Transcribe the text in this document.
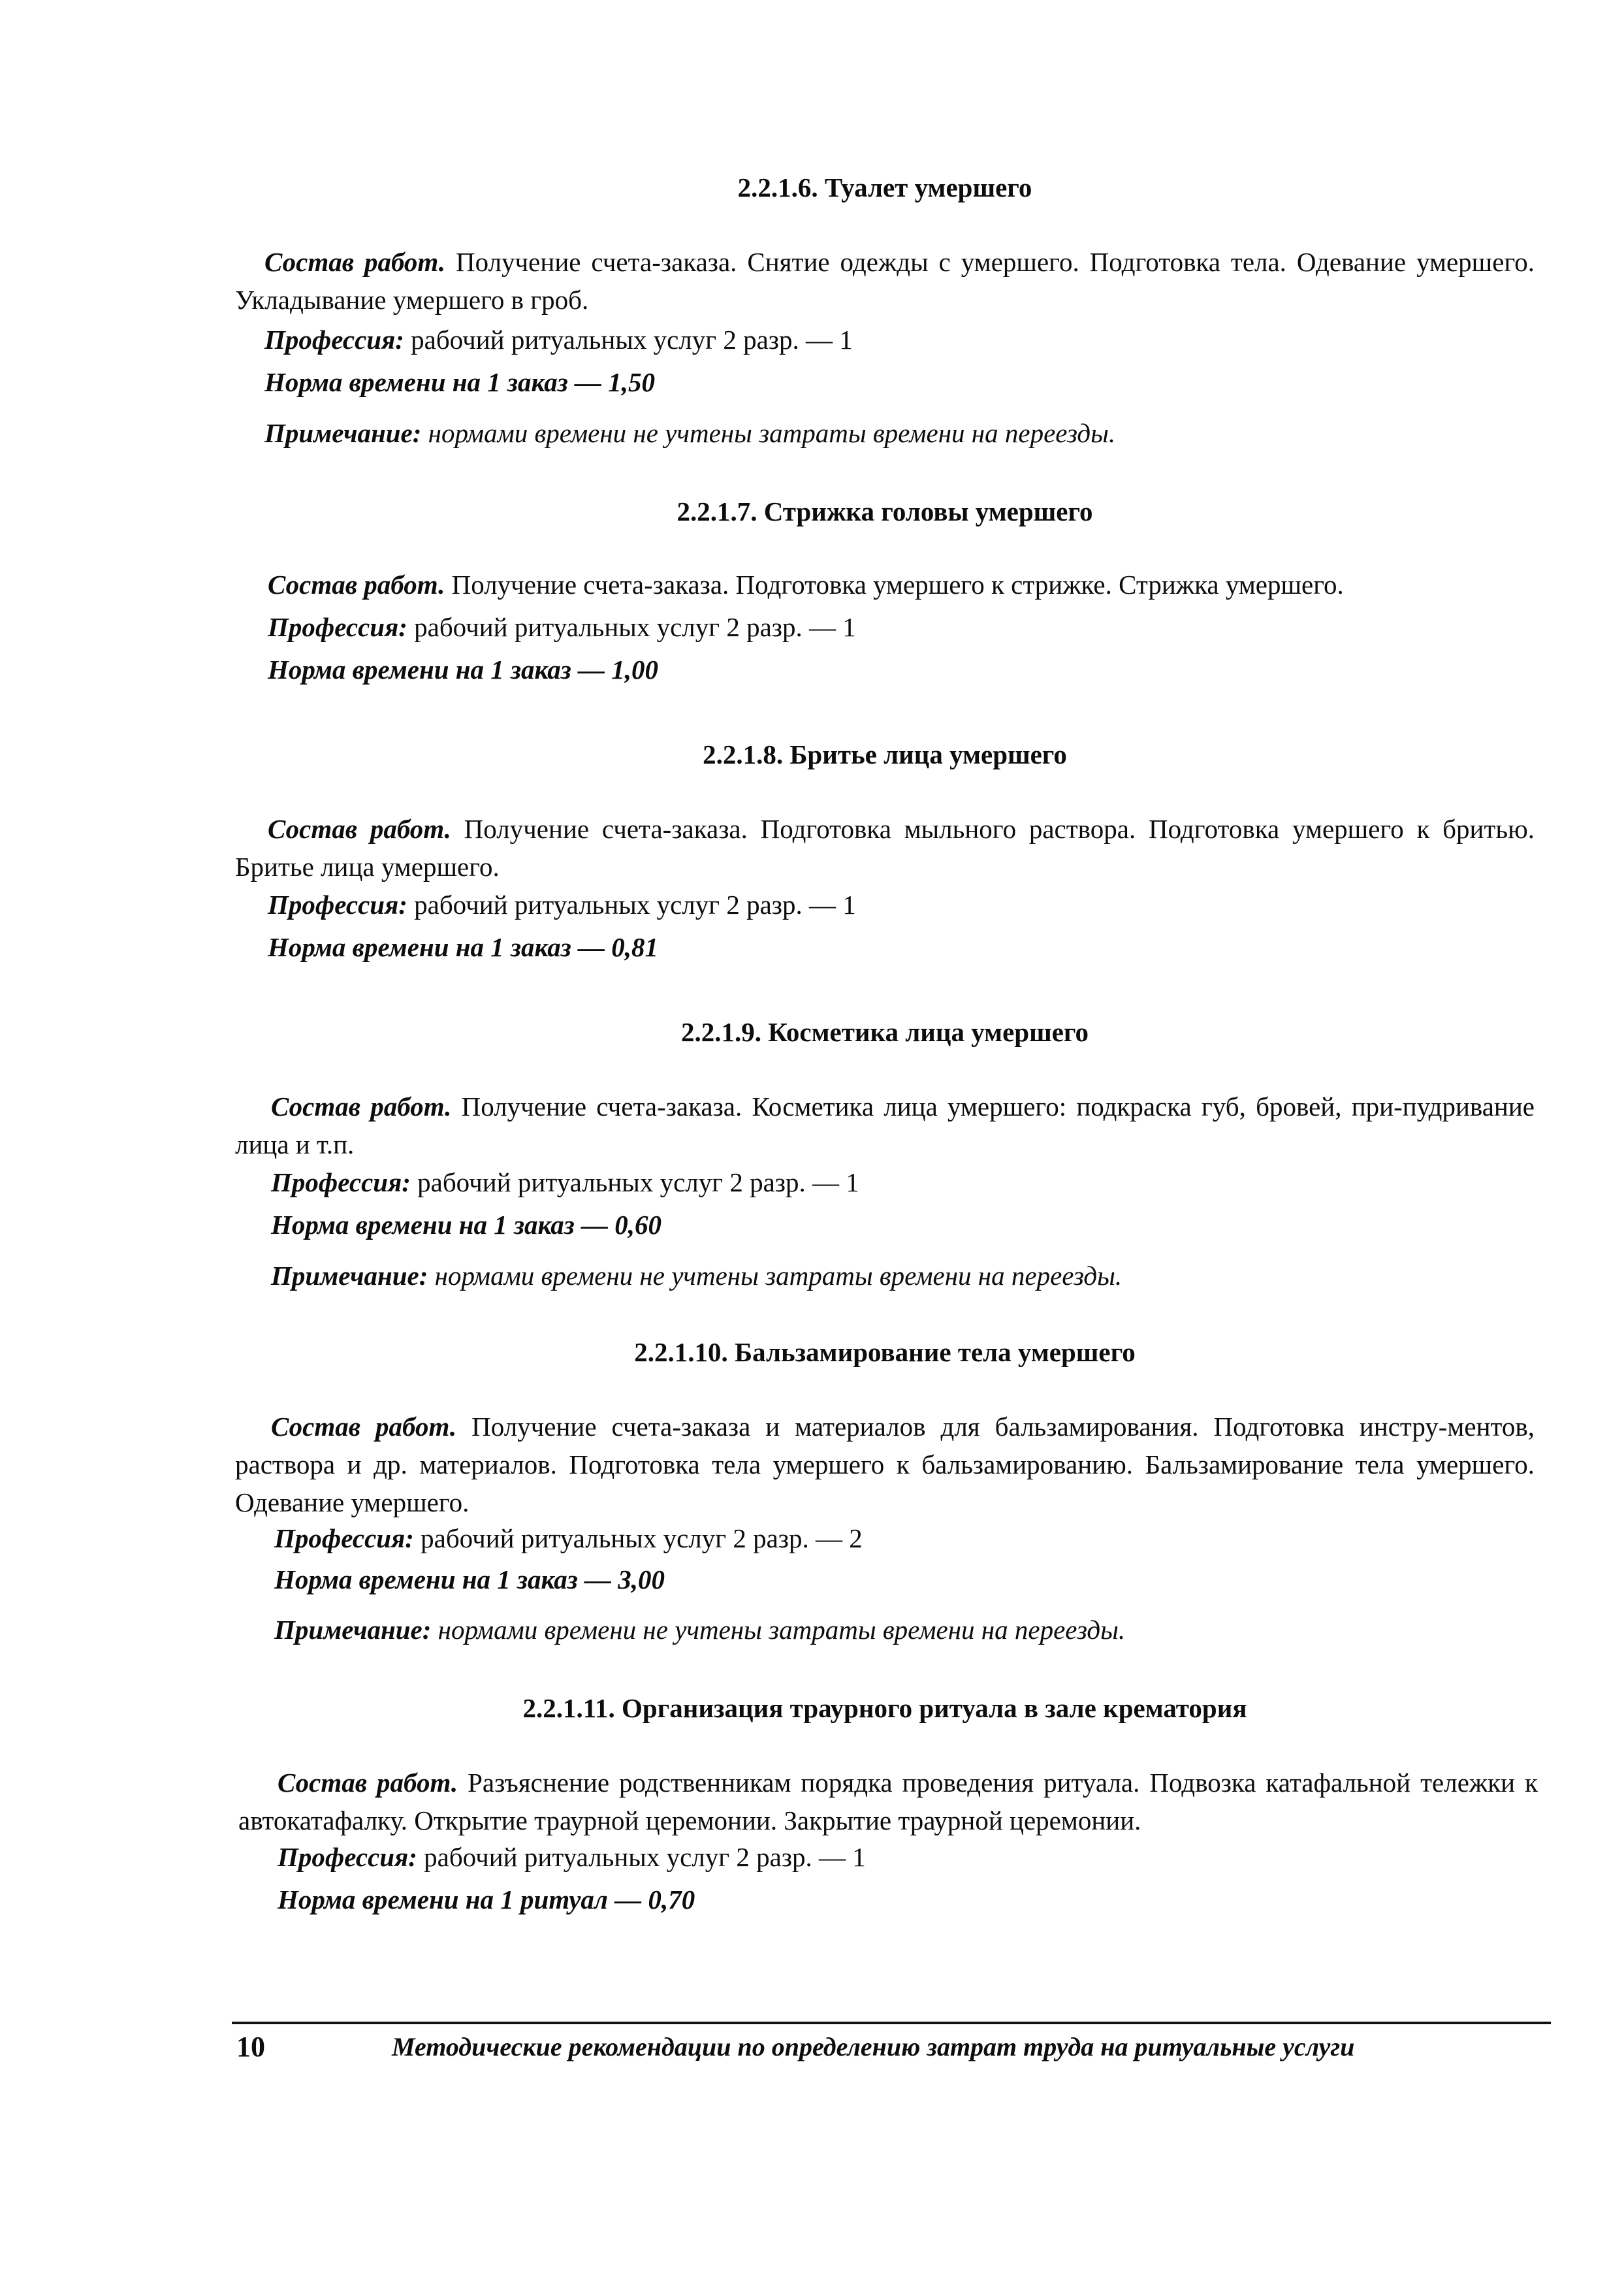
2.2.1.6. Туалет умершего
Состав работ. Получение счета-заказа. Снятие одежды с умершего. Подготовка тела. Одевание умершего. Укладывание умершего в гроб.
Профессия: рабочий ритуальных услуг 2 разр. — 1
Норма времени на 1 заказ — 1,50
Примечание: нормами времени не учтены затраты времени на переезды.
2.2.1.7. Стрижка головы умершего
Состав работ. Получение счета-заказа. Подготовка умершего к стрижке. Стрижка умершего.
Профессия: рабочий ритуальных услуг 2 разр. — 1
Норма времени на 1 заказ — 1,00
2.2.1.8. Бритье лица умершего
Состав работ. Получение счета-заказа. Подготовка мыльного раствора. Подготовка умершего к бритью. Бритье лица умершего.
Профессия: рабочий ритуальных услуг 2 разр. — 1
Норма времени на 1 заказ — 0,81
2.2.1.9. Косметика лица умершего
Состав работ. Получение счета-заказа. Косметика лица умершего: подкраска губ, бровей, при-пудривание лица и т.п.
Профессия: рабочий ритуальных услуг 2 разр. — 1
Норма времени на 1 заказ — 0,60
Примечание: нормами времени не учтены затраты времени на переезды.
2.2.1.10. Бальзамирование тела умершего
Состав работ. Получение счета-заказа и материалов для бальзамирования. Подготовка инстру-ментов, раствора и др. материалов. Подготовка тела умершего к бальзамированию. Бальзамирование тела умершего. Одевание умершего.
Профессия: рабочий ритуальных услуг 2 разр. — 2
Норма времени на 1 заказ — 3,00
Примечание: нормами времени не учтены затраты времени на переезды.
2.2.1.11. Организация траурного ритуала в зале крематория
Состав работ. Разъяснение родственникам порядка проведения ритуала. Подвозка катафальной тележки к автокатафалку. Открытие траурной церемонии. Закрытие траурной церемонии.
Профессия: рабочий ритуальных услуг 2 разр. — 1
Норма времени на 1 ритуал — 0,70
10	Методические рекомендации по определению затрат труда на ритуальные услуги
